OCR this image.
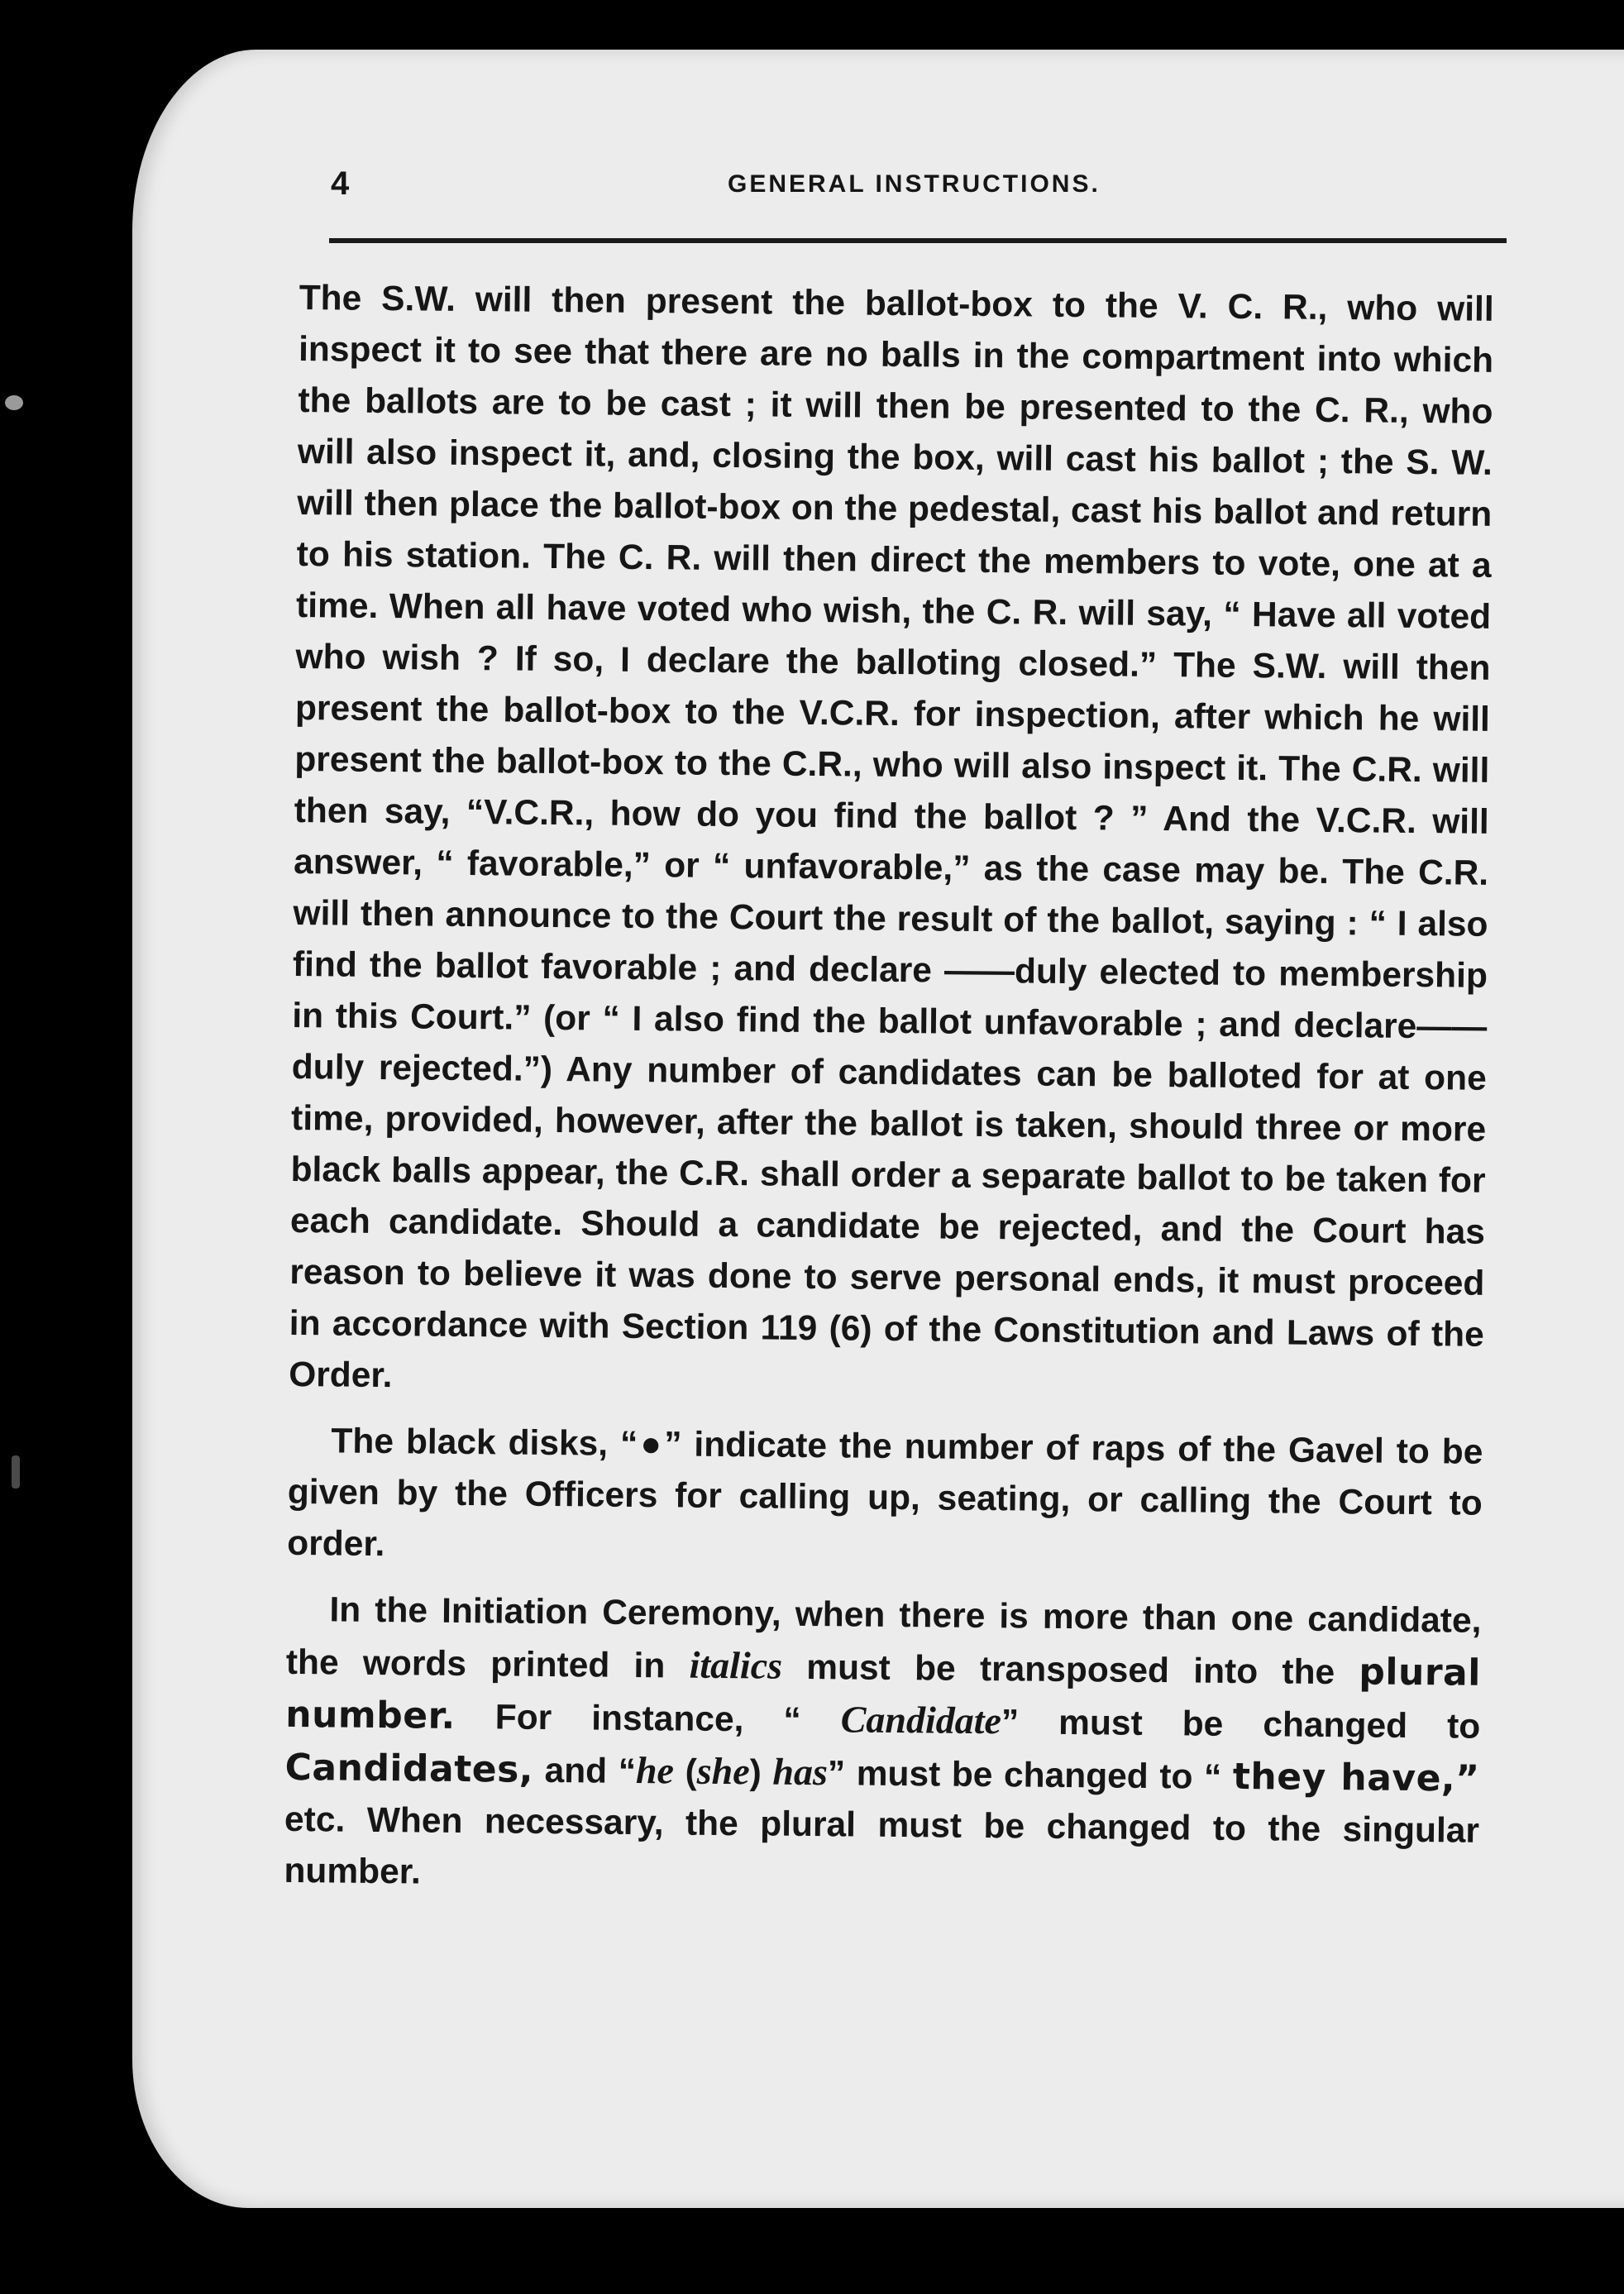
4	GENERAL INSTRUCTIONS.

The S.W. will then present the ballot-box to the V. C. R., who will inspect it to see that there are no balls in the compartment into which the ballots are to be cast ; it will then be presented to the C. R., who will also inspect it, and, closing the box, will cast his ballot ; the S. W. will then place the ballot-box on the pedestal, cast his ballot and return to his station. The C. R. will then direct the members to vote, one at a time. When all have voted who wish, the C. R. will say, “ Have all voted who wish ? If so, I declare the balloting closed.” The S.W. will then present the ballot-box to the V.C.R. for inspection, after which he will present the ballot-box to the C.R., who will also inspect it. The C.R. will then say, “V.C.R., how do you find the ballot ? ” And the V.C.R. will answer, “ favorable,” or “ unfavorable,” as the case may be. The C.R. will then announce to the Court the result of the ballot, saying : “ I also find the ballot favorable ; and declare ——duly elected to membership in this Court.” (or “ I also find the ballot unfavorable ; and declare——duly rejected.”) Any number of candidates can be balloted for at one time, provided, however, after the ballot is taken, should three or more black balls appear, the C.R. shall order a separate ballot to be taken for each candidate. Should a candidate be rejected, and the Court has reason to believe it was done to serve personal ends, it must proceed in accordance with Section 119 (6) of the Constitution and Laws of the Order.

The black disks, “●” indicate the number of raps of the Gavel to be given by the Officers for calling up, seating, or calling the Court to order.

In the Initiation Ceremony, when there is more than one candidate, the words printed in italics must be transposed into the plural number. For instance, “ Candidate” must be changed to Candidates, and “he (she) has” must be changed to “ they have,” etc. When necessary, the plural must be changed to the singular number.
